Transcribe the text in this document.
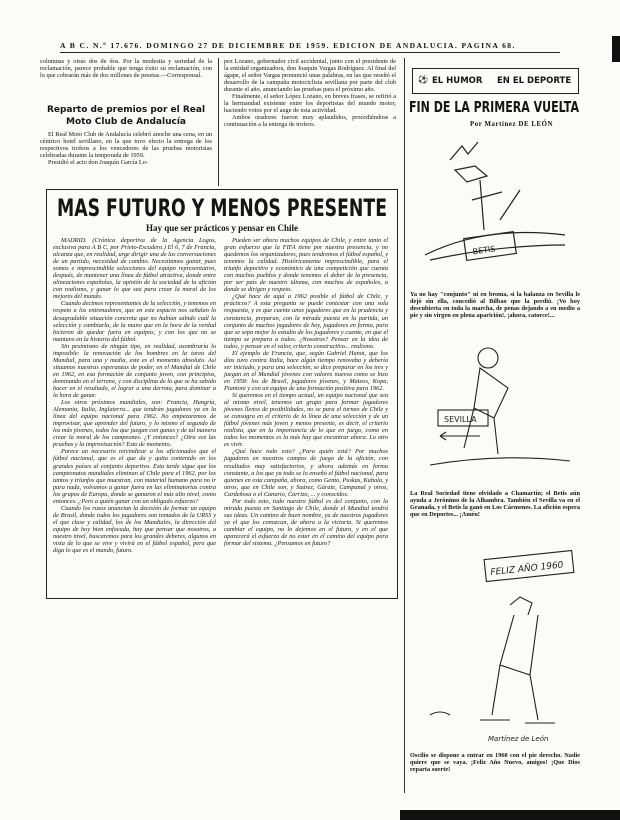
A B C. N.º 17.676. DOMINGO 27 DE DICIEMBRE DE 1959. EDICION DE ANDALUCIA. PAGINA 68.

columnas y otras dos de dos. Por la modestia y seriedad de la reclamación, parece probable que tenga éxito su reclamación, con lo que cobrarán más de dos millones de pesetas.—Corresponsal.

Reparto de premios por el Real Moto Club de Andalucía

El Real Moto Club de Andalucía celebró anoche una cena, en un céntrico hotel sevillano, en la que tuvo efecto la entrega de los respectivos trofeos a los vencedores de las pruebas motoristas celebradas durante la temporada de 1959.

Presidió el acto don Joaquín García Lo-

pez Lozano, gobernador civil accidental, junto con el presidente de la entidad organizadora, don Joaquín Vargas Rodríguez. Al final del ágape, el señor Vargas pronunció unas palabras, en las que reseñó el desarrollo de la campaña motociclista sevillana por parte del club durante el año, anunciando las pruebas para el próximo año.

Finalmente, el señor López Lozano, en breves frases, se refirió a la hermandad existente entre los deportistas del mundo motor, haciendo votos por el auge de esta actividad.

Ambos oradores fueron muy aplaudidos, procediéndose a continuación a la entrega de trofeos.

MAS FUTURO Y MENOS PRESENTE
Hay que ser prácticos y pensar en Chile

MADRID. (Crónica deportiva de la Agencia Logos, exclusiva para A B C, por Prieto-Escudero.) El 6, 7 de Francia, alcanza que, en realidad, urge dirigir una de las conversaciones de un partido, necesidad de cambio. Necesitamos ganar, pues somos e imprescindible selecciones del equipo representativo, después, de mantener una línea de fútbol atractiva, donde entre alineaciones españolas, la opinión de la sociedad de la afición con realismo, y ganar lo que sea para crear la moral de los mejores del mundo.

Cuando decimos representantes de la selección, y tenemos en respeto a los entrenadores, que en este espacio nos señalan lo desagradable situación concreta que no habían sabido cuál la selección y cambiarla, de la mano que en la hora de la verdad hicieron de quedar fuera en equipos, y con los que no se mantuvo en la historia del fútbol.

Sin pesimismo de ningún tipo, en realidad, asombraría lo imposible: la renovación de los hombres en la tarea del Mundial, para una y media, este es el momento absoluto. Así situamos nuestras esperanzas de poder, en el Mundial de Chile en 1962, en esa formación de conjunto joven, con principios, dominando en el terreno, y con disciplina de lo que se ha sabido hacer en el resultado, el lograr a una derrota, para dominar a la hora de ganar.

Los otros próximos mundiales, son: Francia, Hungría, Alemania, Italia, Inglaterra... que tendrán jugadores ya en la línea del equipo nacional para 1962. No empezaremos de improvisar, que aprender del futuro, y lo mismo el segundo de los más jóvenes, todos los que juegan con ganas y de tal manera crear la moral de los campeones. ¿Y entonces? ¿Otra vez las pruebas y la improvisación? Esto de momento.

Parece un necesario reivindicar a los aficionados que el fútbol nacional, que es el que da y quita contenido en los grandes países al conjunto deportivo. Esta tarde sigue que los campeonatos mundiales eliminan al Chile para el 1962, por los tantos y triunfos que muestran, con material humano para no ir para nada, volvamos a ganar fuera en las eliminatorias contra los grupos de Europa, donde se ganaron el más alto nivel, como entonces. ¿Pero a quién ganar con un obligado esfuerzo?

Cuando los rusos anuncian la decisión de formar un equipo de Brasil, donde todos los jugadores son tomados de la URSS y el que clase y calidad, los de los Mundiales, la dirección del equipo de hoy bien enfocada, hay que pensar que nosotros, a nuestro nivel, buscaremos para los grandes deberes, algunos en vista de lo que se vive y vivirá en el fútbol español, pero que diga lo que es el mundo, futuro.

Pueden ser ahora muchos equipos de Chile, y entre tanto el gran esfuerzo que la FIFA tiene por nuestra presencia, y no quedemos los organizadores, pues tendremos el fútbol español, y tenemos la calidad. Históricamente imprescindible, para el triunfo deportivo y económico de una competición que cuenta con muchos pueblos y donde tenemos el deber de la presencia, por ser país de nuestro idioma, con muchos de españoles, a donde se dirigen y respeto.

¿Qué hace de aquí a 1962 posible el fútbol de Chile, y prácticos? A esta pregunta se puede contestar con una sola respuesta, y es que cuente unos jugadores que en la prudencia y constancia, preparan, con la mirada puesta en la partida, un conjunto de muchos jugadores de hoy, jugadores en forma, para que se sepa mejor lo estudio de los jugadores y cuente, en que el tiempo se prepara a todos. ¿Nosotros? Pensar en la idea de todos, y pensar en el valor, criterio constructivo... realismo.

El ejemplo de Francia, que, según Gabriel Hanot, que los días tuvo contra Italia, hace algún tiempo renovaba y debería ser iniciado, y para una selección, se dice preparar en los tres y juegan en el Mundial jóvenes con valores nuevos como se hizo en 1958: los de Brasil, jugadores jóvenes, y Mateos, Kopa, Piantoni y con un equipo de una formación positiva para 1962.

Si queremos en el tiempo actual, un equipo nacional que sea al mismo nivel, tenemos un grupo para formar jugadores jóvenes llenos de posibilidades, no se para el torneo de Chile y se consagra en el criterio de la línea de una selección y de un fútbol jóvenes más joven y menos presente, es decir, el criterio realista, que en la importancia de lo que en juego, como en todos los momentos es la más hay que encontrar ahora. Lo otro es vivir.

¿Qué hace todo esto? ¿Para quién está? Por muchos jugadores en nuestros campos de juego de la afición, con resultados muy satisfactorios, y ahora además en forma constante, a los que ya todo se lo enseñó el fútbol nacional, para quienes en esta campaña, ahora, como Gento, Puskas, Kubala, y otros, que en Chile son, y Suárez, Gárate, Campanal y otros, Cardeñosa o el Canario, Carrizo, ... y conocidos.

Por todo esto, todo nuestro fútbol es del conjunto, con la mirada puesta en Santiago de Chile, donde el Mundial tendrá sus ideas. Un camino de buen nombre, ya de nuestros jugadores ya el que los conozcan, de ahora a la victoria. Si queremos cambiar el equipo, no lo dejemos en el futuro, y en el que aparecerá el esfuerzo de no estar en el camino del equipo para formar del sistema. ¿Pensamos en futuro?

⚽ EL HUMOR EN EL DEPORTE
FIN DE LA PRIMERA VUELTA
Por Martínez DE LEÓN
BETIS
Ya no hay "conjunto" ni en broma, si la balanza en Sevilla le dejó sin ella, concedió al Bilbao que la perdió. ¡Vo hoy descubierta en toda la marcha, de penas dejando a en medio a pie y sin virgen en plena aparición!, ¡ahora, catorce!...
SEVILLA
La Real Sociedad tiene olvidado a Chamartín; el Betis aún ayuda a Jerónimo de la Alhambra. También el Sevilla va en el Granada, y el Betis la ganó en Los Cármenes. La afición espera que en Deportes... ¡Amén!
FELIZ AÑO 1960
Martínez de León
Oscilio se dispone a entrar en 1960 con el pie derecho. Nadie quiere que se vaya. ¡Feliz Año Nuevo, amigos! ¡Que Dios reparta suerte!
